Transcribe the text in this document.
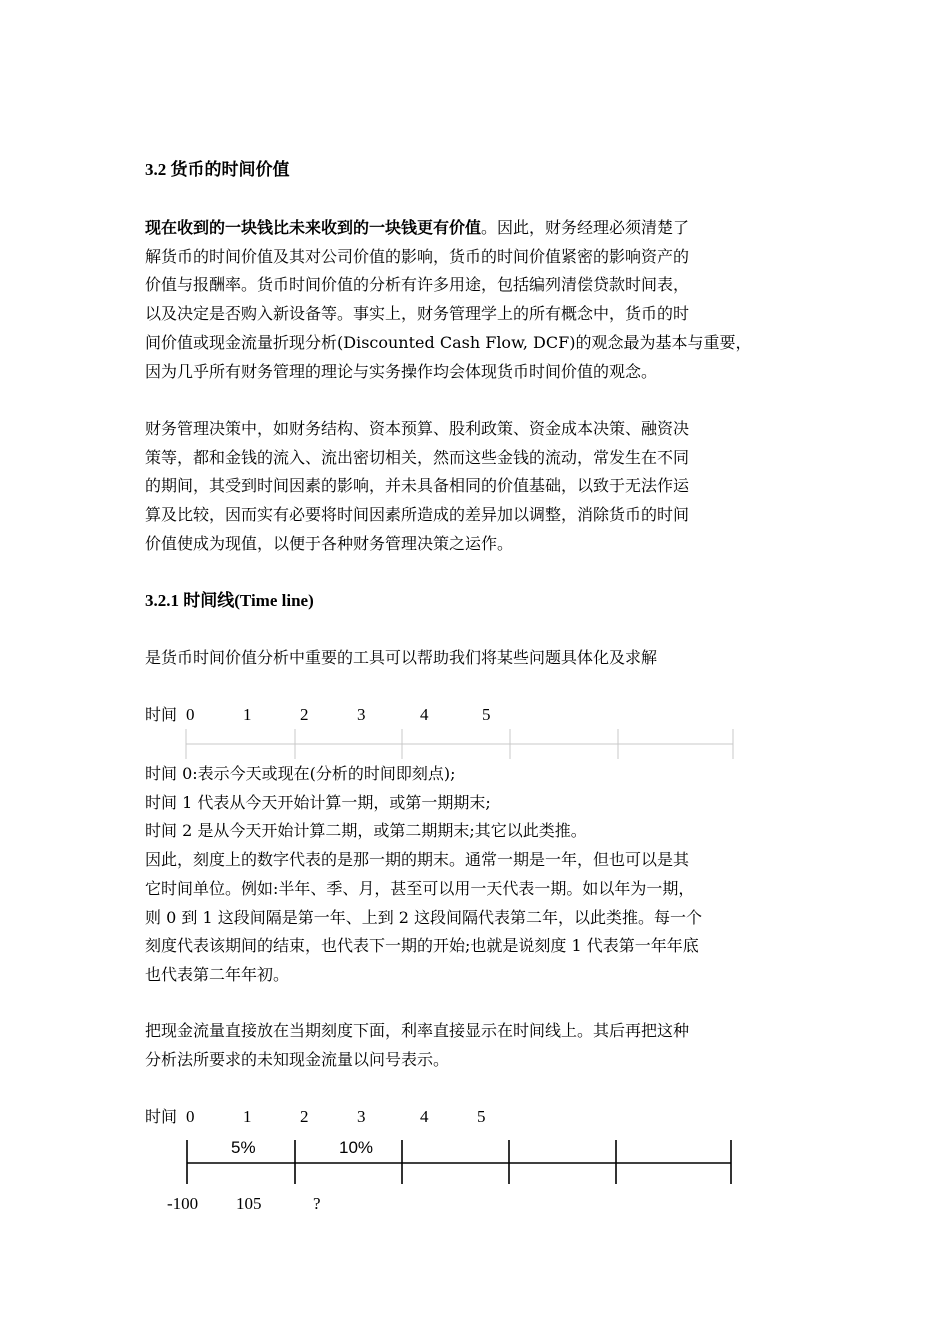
3.2 货币的时间价值
现在收到的一块钱比未来收到的一块钱更有价值。因此，财务经理必须清楚了
解货币的时间价值及其对公司价值的影响，货币的时间价值紧密的影响资产的
价值与报酬率。货币时间价值的分析有许多用途，包括编列清偿贷款时间表，
以及决定是否购入新设备等。事实上，财务管理学上的所有概念中，货币的时
间价值或现金流量折现分析(Discounted Cash Flow, DCF)的观念最为基本与重要，
因为几乎所有财务管理的理论与实务操作均会体现货币时间价值的观念。
财务管理决策中，如财务结构、资本预算、股利政策、资金成本决策、融资决
策等，都和金钱的流入、流出密切相关，然而这些金钱的流动，常发生在不同
的期间，其受到时间因素的影响，并未具备相同的价值基础，以致于无法作运
算及比较，因而实有必要将时间因素所造成的差异加以调整，消除货币的时间
价值使成为现值，以便于各种财务管理决策之运作。
3.2.1 时间线(Time line)
是货币时间价值分析中重要的工具可以帮助我们将某些问题具体化及求解
时间 0	1	2	3	4	5
时间 0:表示今天或现在(分析的时间即刻点);
时间 1 代表从今天开始计算一期，或第一期期末;
时间 2 是从今天开始计算二期，或第二期期末;其它以此类推。
因此，刻度上的数字代表的是那一期的期末。通常一期是一年，但也可以是其
它时间单位。例如:半年、季、月，甚至可以用一天代表一期。如以年为一期，
则 0 到 1 这段间隔是第一年、上到 2 这段间隔代表第二年，以此类推。每一个
刻度代表该期间的结束，也代表下一期的开始;也就是说刻度 1 代表第一年年底
也代表第二年年初。
把现金流量直接放在当期刻度下面，利率直接显示在时间线上。其后再把这种
分析法所要求的未知现金流量以问号表示。
时间 0	1	2	3	4	5
5%	10%
-100 105	?
